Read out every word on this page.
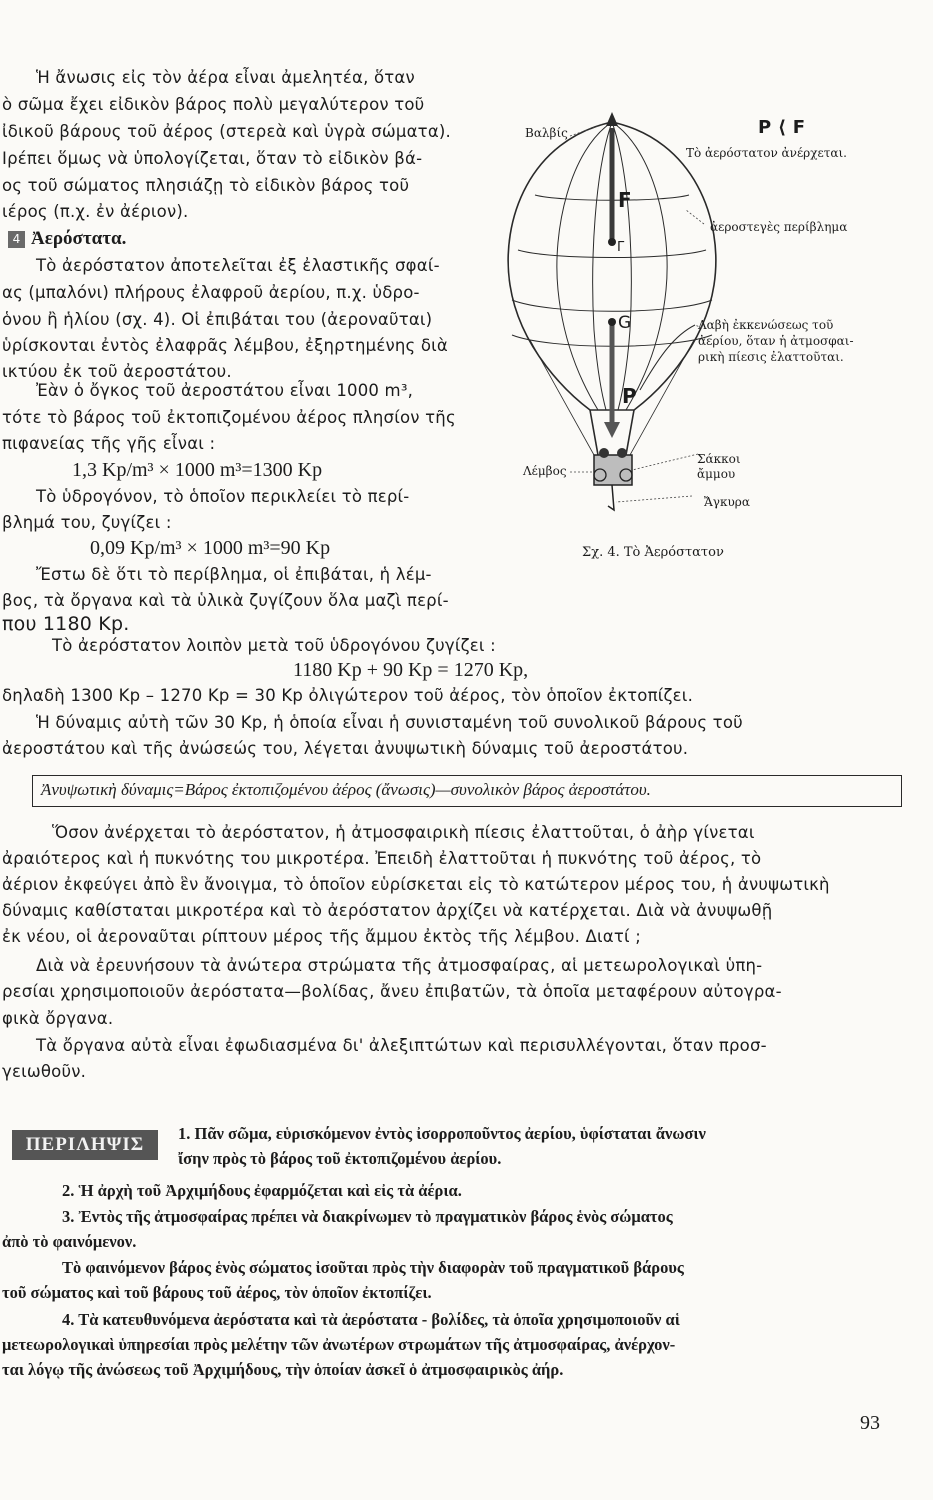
Ἡ ἄνωσις εἰς τὸν ἀέρα εἶναι ἀμελητέα, ὅταν
ὸ σῶμα ἔχει εἰδικὸν βάρος πολὺ μεγαλύτερον τοῦ
ἰδικοῦ βάρους τοῦ ἀέρος (στερεὰ καὶ ὑγρὰ σώματα).
Ιρέπει ὅμως νὰ ὑπολογίζεται, ὅταν τὸ εἰδικὸν βά-
ος τοῦ σώματος πλησιάζῃ τὸ εἰδικὸν βάρος τοῦ
ιέρος (π.χ. ἐν ἀέριον).
4 Ἀερόστατα.
Τὸ ἀερόστατον ἀποτελεῖται ἐξ ἐλαστικῆς σφαί-
ας (μπαλόνι) πλήρους ἐλαφροῦ ἀερίου, π.χ. ὑδρο-
ὁνου ἢ ἡλίου (σχ. 4). Οἱ ἐπιβάται του (ἀεροναῦται)
ὑρίσκονται ἐντὸς ἐλαφρᾶς λέμβου, ἐξηρτημένης διὰ
ικτύου ἐκ τοῦ ἀεροστάτου.
Ἐὰν ὁ ὄγκος τοῦ ἀεροστάτου εἶναι 1000 m³,
τότε τὸ βάρος τοῦ ἐκτοπιζομένου ἀέρος πλησίον τῆς
πιφανείας τῆς γῆς εἶναι :
1,3 Kp/m³ × 1000 m³=1300 Kp
Τὸ ὑδρογόνον, τὸ ὁποῖον περικλείει τὸ περί-
βλημά του, ζυγίζει :
0,09 Kp/m³ × 1000 m³=90 Kp
Ἔστω δὲ ὅτι τὸ περίβλημα, οἱ ἐπιβάται, ἡ λέμ-
βος, τὰ ὄργανα καὶ τὰ ὑλικὰ ζυγίζουν ὅλα μαζὶ περί-
που 1180 Kp.
Τὸ ἀερόστατον λοιπὸν μετὰ τοῦ ὑδρογόνου ζυγίζει :
1180 Kp + 90 Kp = 1270 Kp,
δηλαδὴ 1300 Kp – 1270 Kp = 30 Kp ὀλιγώτερον τοῦ ἀέρος, τὸν ὁποῖον ἐκτοπίζει.
Ἡ δύναμις αὐτὴ τῶν 30 Kp, ἡ ὁποία εἶναι ἡ συνισταμένη τοῦ συνολικοῦ βάρους τοῦ
ἀεροστάτου καὶ τῆς ἀνώσεώς του, λέγεται ἀνυψωτικὴ δύναμις τοῦ ἀεροστάτου.
Ἀνυψωτικὴ δύναμις=Βάρος ἐκτοπιζομένου ἀέρος (ἄνωσις)—συνολικὸν βάρος ἀεροστάτου.
Ὅσον ἀνέρχεται τὸ ἀερόστατον, ἡ ἀτμοσφαιρικὴ πίεσις ἐλαττοῦται, ὁ ἀὴρ γίνεται
ἀραιότερος καὶ ἡ πυκνότης του μικροτέρα. Ἐπειδὴ ἐλαττοῦται ἡ πυκνότης τοῦ ἀέρος, τὸ
ἀέριον ἐκφεύγει ἀπὸ ἓν ἄνοιγμα, τὸ ὁποῖον εὑρίσκεται εἰς τὸ κατώτερον μέρος του, ἡ ἀνυψωτικὴ
δύναμις καθίσταται μικροτέρα καὶ τὸ ἀερόστατον ἀρχίζει νὰ κατέρχεται. Διὰ νὰ ἀνυψωθῇ
ἐκ νέου, οἱ ἀεροναῦται ρίπτουν μέρος τῆς ἄμμου ἐκτὸς τῆς λέμβου. Διατί ;
Διὰ νὰ ἐρευνήσουν τὰ ἀνώτερα στρώματα τῆς ἀτμοσφαίρας, αἱ μετεωρολογικαὶ ὑπη-
ρεσίαι χρησιμοποιοῦν ἀερόστατα—βολίδας, ἄνευ ἐπιβατῶν, τὰ ὁποῖα μεταφέρουν αὐτογρα-
φικὰ ὄργανα.
Τὰ ὄργανα αὐτὰ εἶναι ἐφωδιασμένα δι' ἀλεξιπτώτων καὶ περισυλλέγονται, ὅταν προσ-
γειωθοῦν.
F
Γ
G
P
Βαλβίς	P ⟨ F
Τὸ ἀερόστατον ἀνέρχεται.
ἀεροστεγὲς περίβλημα
Λαβὴ ἐκκενώσεως τοῦ
ἀερίου, ὅταν ἡ ἀτμοσφαι-
ρικὴ πίεσις ἐλαττοῦται.
Σάκκοι
ἄμμου
Λέμβος
Ἄγκυρα
Σχ. 4. Τὸ Ἀερόστατον
ΠΕΡΙΛΗΨΙΣ
1. Πᾶν σῶμα, εὑρισκόμενον ἐντὸς ἰσορροποῦντος ἀερίου, ὑφίσταται ἄνωσιν
ἴσην πρὸς τὸ βάρος τοῦ ἐκτοπιζομένου ἀερίου.
2. Ἡ ἀρχὴ τοῦ Ἀρχιμήδους ἐφαρμόζεται καὶ εἰς τὰ ἀέρια.
3. Ἐντὸς τῆς ἀτμοσφαίρας πρέπει νὰ διακρίνωμεν τὸ πραγματικὸν βάρος ἑνὸς σώματος
ἀπὸ τὸ φαινόμενον.
Τὸ φαινόμενον βάρος ἑνὸς σώματος ἰσοῦται πρὸς τὴν διαφορὰν τοῦ πραγματικοῦ βάρους
τοῦ σώματος καὶ τοῦ βάρους τοῦ ἀέρος, τὸν ὁποῖον ἐκτοπίζει.
4. Τὰ κατευθυνόμενα ἀερόστατα καὶ τὰ ἀερόστατα - βολίδες, τὰ ὁποῖα χρησιμοποιοῦν αἱ
μετεωρολογικαὶ ὑπηρεσίαι πρὸς μελέτην τῶν ἀνωτέρων στρωμάτων τῆς ἀτμοσφαίρας, ἀνέρχον-
ται λόγῳ τῆς ἀνώσεως τοῦ Ἀρχιμήδους, τὴν ὁποίαν ἀσκεῖ ὁ ἀτμοσφαιρικὸς ἀήρ.
93
